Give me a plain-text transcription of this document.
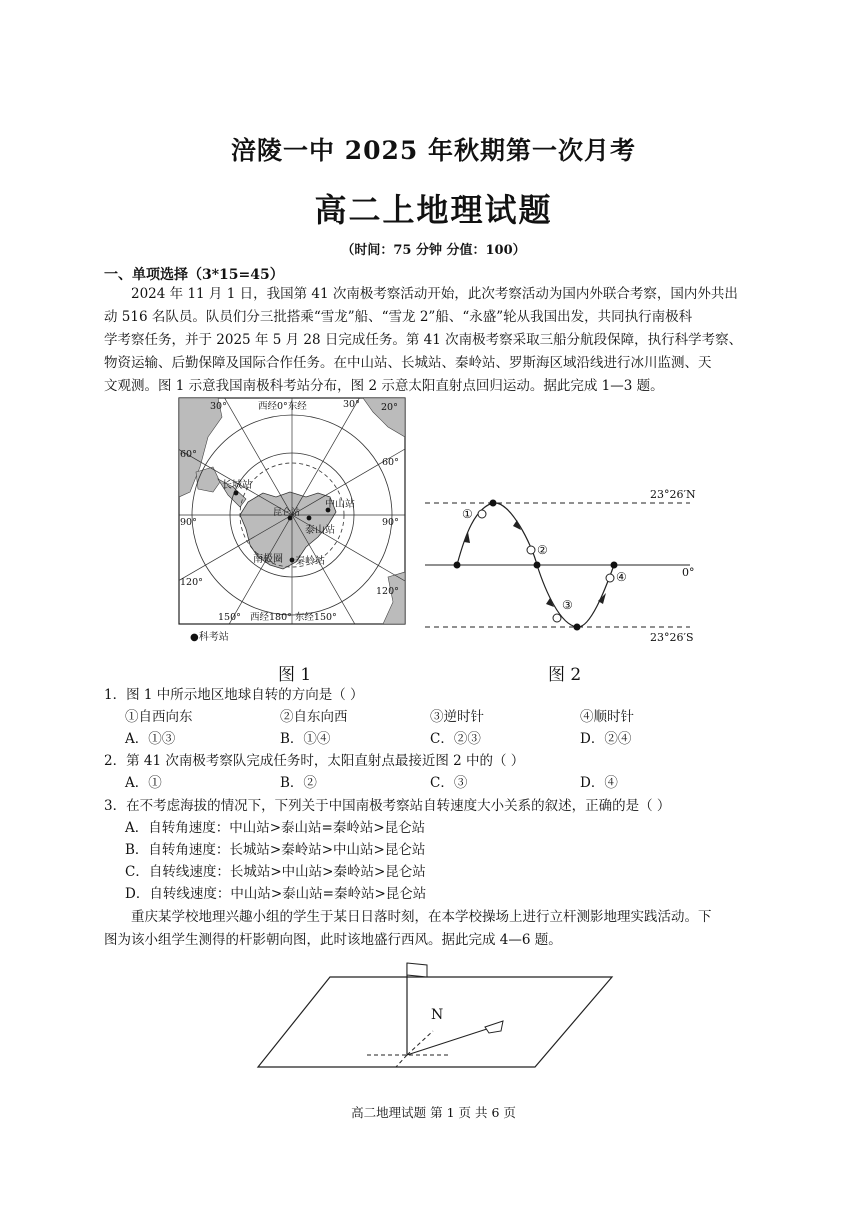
涪陵一中 2025 年秋期第一次月考
高二上地理试题
（时间：75 分钟 分值：100）
一、单项选择（3*15=45）
2024 年 11 月 1 日，我国第 41 次南极考察活动开始，此次考察活动为国内外联合考察，国内外共出
动 516 名队员。队员们分三批搭乘“雪龙”船、“雪龙 2”船、“永盛”轮从我国出发，共同执行南极科
学考察任务，并于 2025 年 5 月 28 日完成任务。第 41 次南极考察采取三船分航段保障，执行科学考察、
物资运输、后勤保障及国际合作任务。在中山站、长城站、秦岭站、罗斯海区域沿线进行冰川监测、天
文观测。图 1 示意我国南极科考站分布，图 2 示意太阳直射点回归运动。据此完成 1—3 题。
30°	西经0°东经	30° 20°
60°
60°
90°	90°
120°
120°
150° 西经180° 东经150°
长城站
昆仑站
中山站
泰山站
秦岭站
南极圈
●科考站
图 1
①
②
③
④
23°26′N
0°
23°26′S
图 2
1．图 1 中所示地区地球自转的方向是（ ）
①自西向东	②自东向西	③逆时针	④顺时针
A．①③	B．①④	C．②③	D．②④
2．第 41 次南极考察队完成任务时，太阳直射点最接近图 2 中的（ ）
A．①	B．②	C．③	D．④
3．在不考虑海拔的情况下，下列关于中国南极考察站自转速度大小关系的叙述，正确的是（ ）
A．自转角速度：中山站>泰山站=秦岭站>昆仑站
B．自转角速度：长城站>秦岭站>中山站>昆仑站
C．自转线速度：长城站>中山站>秦岭站>昆仑站
D．自转线速度：中山站>泰山站=秦岭站>昆仑站
重庆某学校地理兴趣小组的学生于某日日落时刻，在本学校操场上进行立杆测影地理实践活动。下
图为该小组学生测得的杆影朝向图，此时该地盛行西风。据此完成 4—6 题。
N
高二地理试题 第 1 页 共 6 页
